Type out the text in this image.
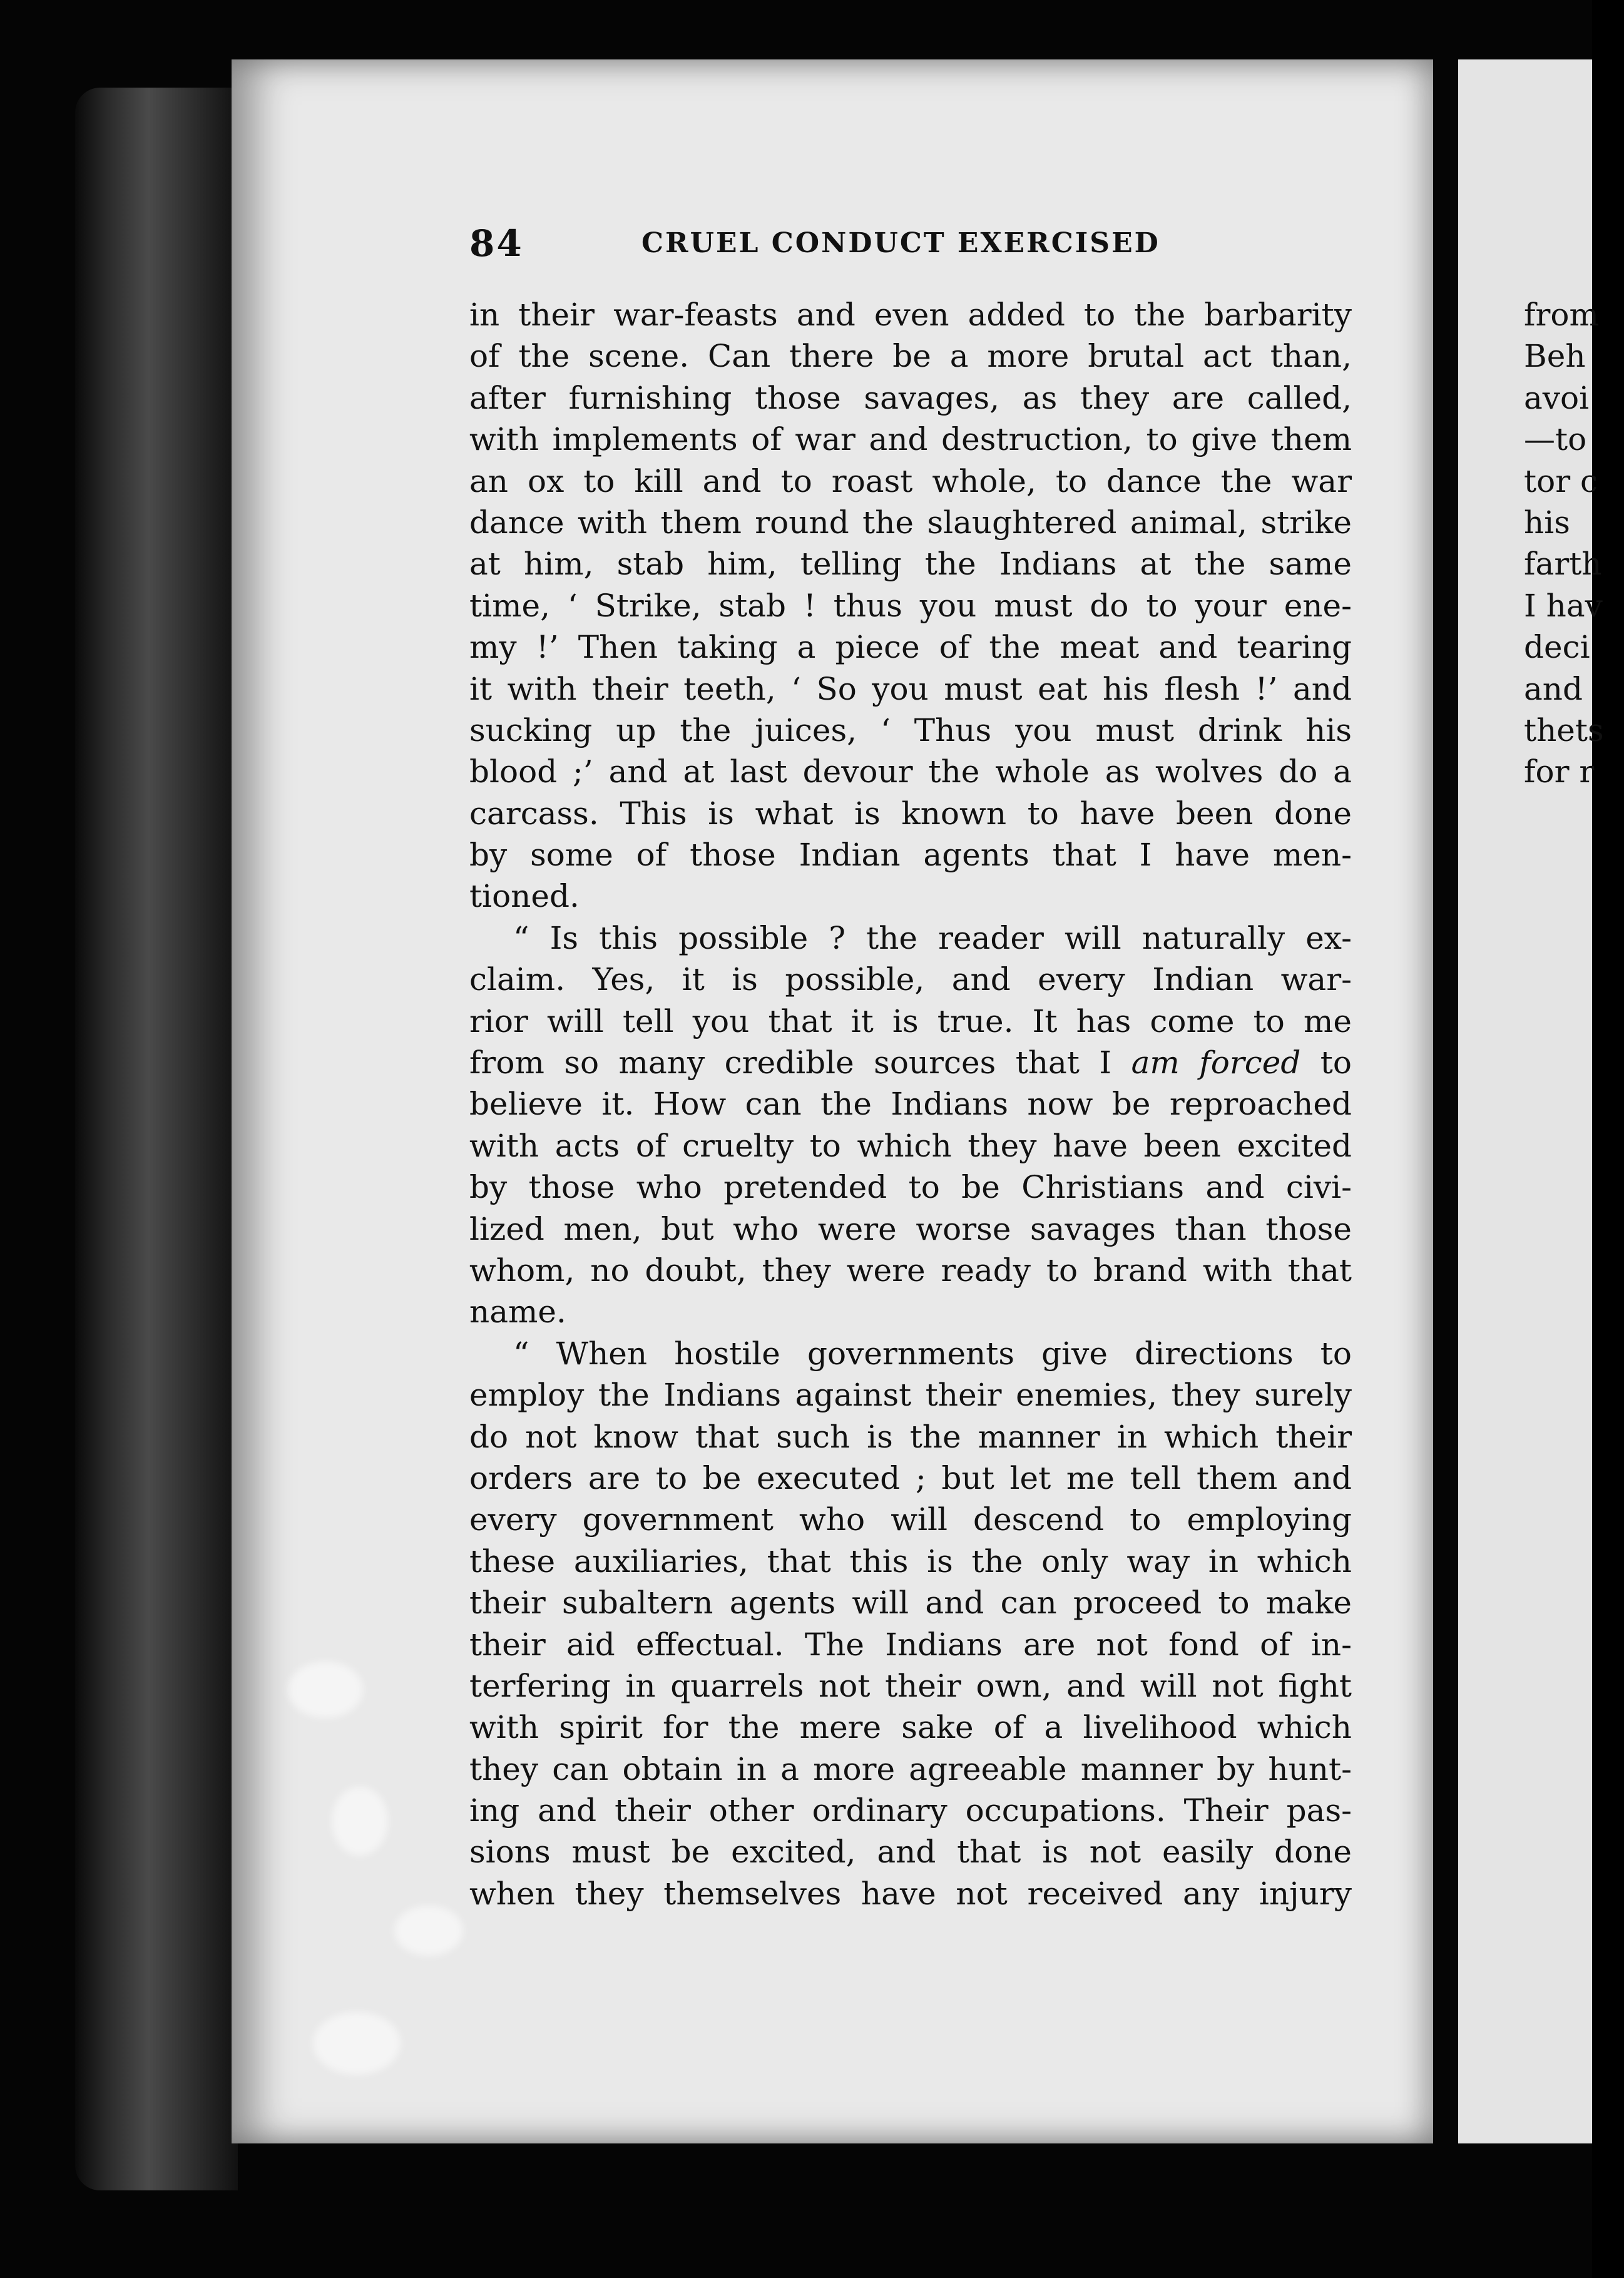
84	CRUEL CONDUCT EXERCISED
in their war-feasts and even added to the barbarity
of the scene. Can there be a more brutal act than,
after furnishing those savages, as they are called,
with implements of war and destruction, to give them
an ox to kill and to roast whole, to dance the war
dance with them round the slaughtered animal, strike
at him, stab him, telling the Indians at the same
time, ‘ Strike, stab ! thus you must do to your ene-
my !’ Then taking a piece of the meat and tearing
it with their teeth, ‘ So you must eat his flesh !’ and
sucking up the juices, ‘ Thus you must drink his
blood ;’ and at last devour the whole as wolves do a
carcass. This is what is known to have been done
by some of those Indian agents that I have men-
tioned.
“ Is this possible ? the reader will naturally ex-
claim. Yes, it is possible, and every Indian war-
rior will tell you that it is true. It has come to me
from so many credible sources that I am forced to
believe it. How can the Indians now be reproached
with acts of cruelty to which they have been excited
by those who pretended to be Christians and civi-
lized men, but who were worse savages than those
whom, no doubt, they were ready to brand with that
name.
“ When hostile governments give directions to
employ the Indians against their enemies, they surely
do not know that such is the manner in which their
orders are to be executed ; but let me tell them and
every government who will descend to employing
these auxiliaries, that this is the only way in which
their subaltern agents will and can proceed to make
their aid effectual. The Indians are not fond of in-
terfering in quarrels not their own, and will not fight
with spirit for the mere sake of a livelihood which
they can obtain in a more agreeable manner by hunt-
ing and their other ordinary occupations. Their pas-
sions must be excited, and that is not easily done
when they themselves have not received any injury
from
Beh
avoi
—to
tor c
his
farth
I hav
deci
and
thets
for r
